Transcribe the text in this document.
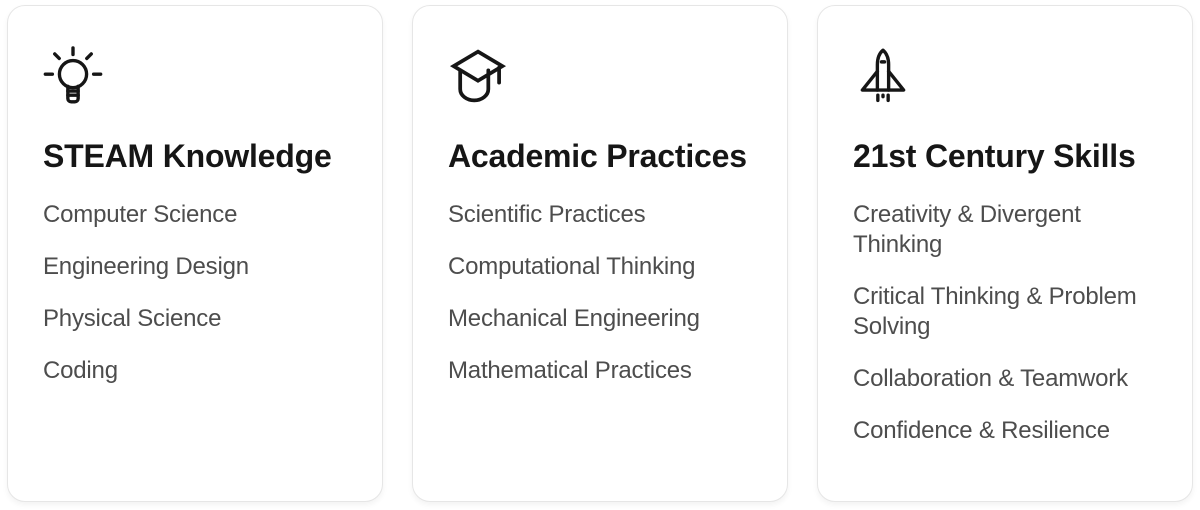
STEAM Knowledge
Computer Science
Engineering Design
Physical Science
Coding
Academic Practices
Scientific Practices
Computational Thinking
Mechanical Engineering
Mathematical Practices
21st Century Skills
Creativity & Divergent Thinking
Critical Thinking & Problem Solving
Collaboration & Teamwork
Confidence & Resilience
